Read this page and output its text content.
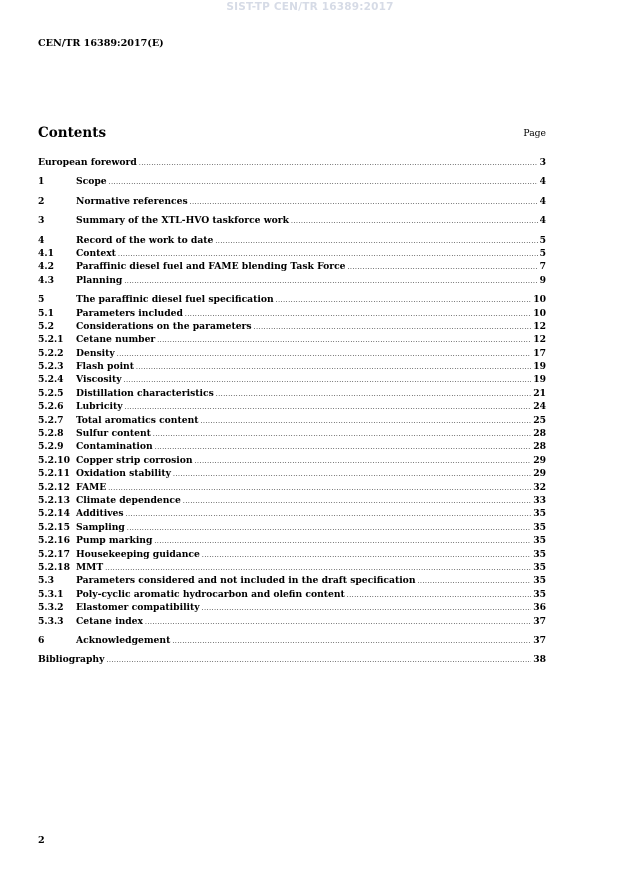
SIST-TP CEN/TR 16389:2017
CEN/TR 16389:2017(E)
Contents	Page
European foreword .....	3
1	Scope .....	4
2	Normative references .....	4
3	Summary of the XTL-HVO taskforce work .....	4
4	Record of the work to date .....	5
4.1	Context .....	5
4.2	Paraffinic diesel fuel and FAME blending Task Force .....	7
4.3	Planning .....	9
5	The paraffinic diesel fuel specification .....	10
5.1	Parameters included .....	10
5.2	Considerations on the parameters .....	12
5.2.1	Cetane number .....	12
5.2.2	Density .....	17
5.2.3	Flash point .....	19
5.2.4	Viscosity .....	19
5.2.5	Distillation characteristics .....	21
5.2.6	Lubricity .....	24
5.2.7	Total aromatics content .....	25
5.2.8	Sulfur content .....	28
5.2.9	Contamination .....	28
5.2.10 Copper strip corrosion .....	29
5.2.11 Oxidation stability .....	29
5.2.12 FAME .....	32
5.2.13 Climate dependence .....	33
5.2.14 Additives .....	35
5.2.15 Sampling .....	35
5.2.16 Pump marking .....	35
5.2.17 Housekeeping guidance .....	35
5.2.18 MMT .....	35
5.3	Parameters considered and not included in the draft specification .....	35
5.3.1	Poly-cyclic aromatic hydrocarbon and olefin content .....	35
5.3.2	Elastomer compatibility .....	36
5.3.3	Cetane index .....	37
6	Acknowledgement .....	37
Bibliography .....	38
2
